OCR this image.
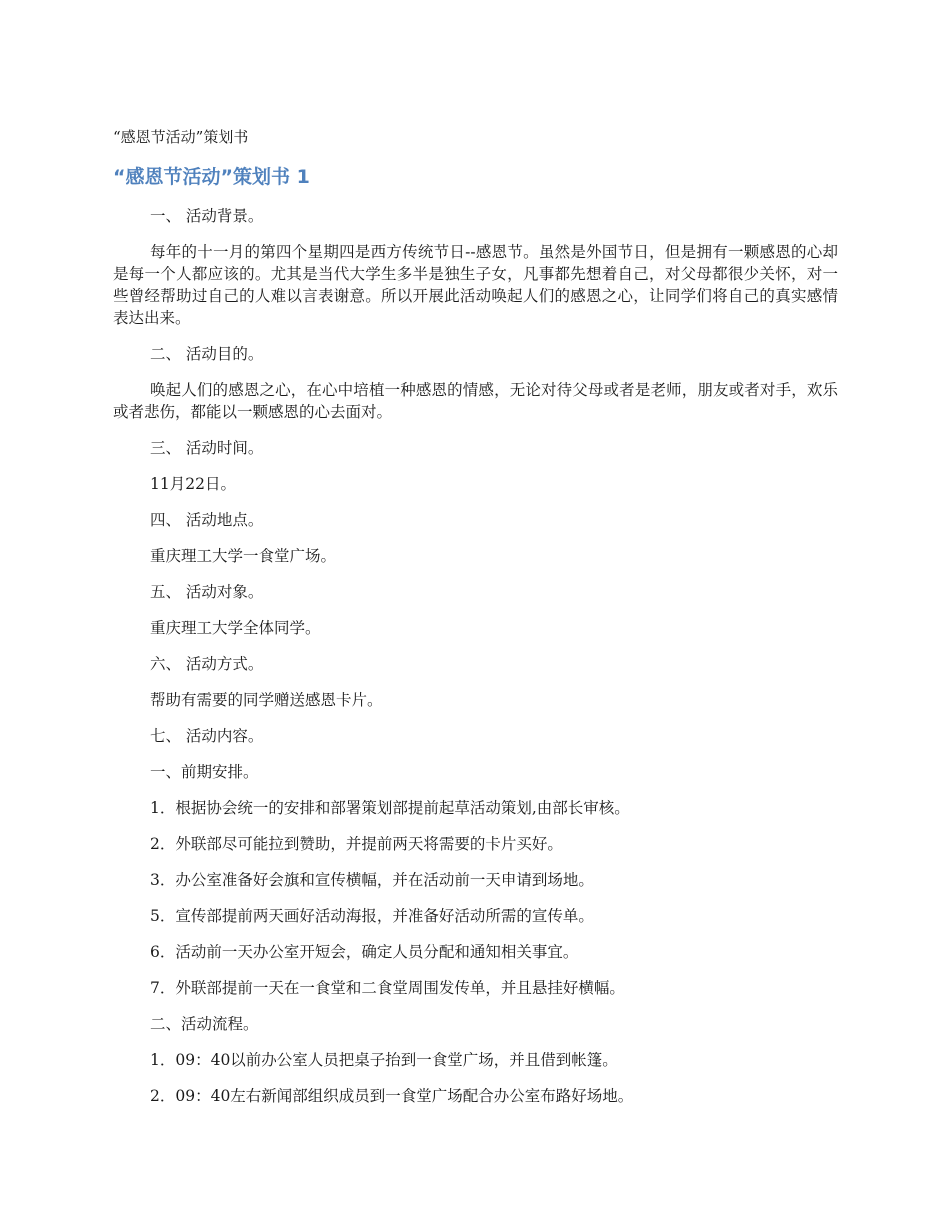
“感恩节活动”策划书
“感恩节活动”策划书 1
一、 活动背景。
每年的十一月的第四个星期四是西方传统节日--感恩节。虽然是外国节日，但是拥有一颗感恩的心却是每一个人都应该的。尤其是当代大学生多半是独生子女，凡事都先想着自己，对父母都很少关怀，对一些曾经帮助过自己的人难以言表谢意。所以开展此活动唤起人们的感恩之心，让同学们将自己的真实感情表达出来。
二、 活动目的。
唤起人们的感恩之心，在心中培植一种感恩的情感，无论对待父母或者是老师，朋友或者对手，欢乐或者悲伤，都能以一颗感恩的心去面对。
三、 活动时间。
11月22日。
四、 活动地点。
重庆理工大学一食堂广场。
五、 活动对象。
重庆理工大学全体同学。
六、 活动方式。
帮助有需要的同学赠送感恩卡片。
七、 活动内容。
一、前期安排。
1．根据协会统一的安排和部署策划部提前起草活动策划,由部长审核。
2．外联部尽可能拉到赞助，并提前两天将需要的卡片买好。
3．办公室准备好会旗和宣传横幅，并在活动前一天申请到场地。
5．宣传部提前两天画好活动海报，并准备好活动所需的宣传单。
6．活动前一天办公室开短会，确定人员分配和通知相关事宜。
7．外联部提前一天在一食堂和二食堂周围发传单，并且悬挂好横幅。
二、活动流程。
1．09：40以前办公室人员把桌子抬到一食堂广场，并且借到帐篷。
2．09：40左右新闻部组织成员到一食堂广场配合办公室布路好场地。
